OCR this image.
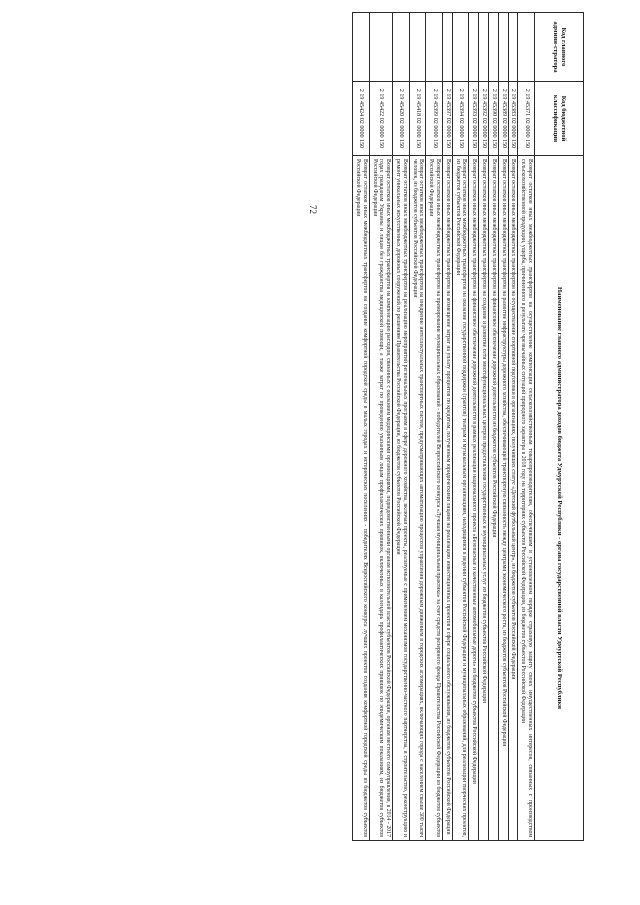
72
Код главного админи-стратора	Код бюджетной классификации	Наименование главного администратора доходов бюджета Удмуртской Республики - органа государственной власти Удмуртской Республики
	2 19 45371 02 0000 150	Возврат остатков иных межбюджетных трансфертов на осуществление компенсации сельскохозяйственным товаропроизводителям, обеспечившим в установленном порядке страховую защиту своих имущественных интересов, связанных с производством сельскохозяйственной продукции, ущерба, причиненного в результате чрезвычайных ситуаций природного характера в 2018 году на территориях субъектов Российской Федерации, из бюджетов субъектов Российской Федерации
	2 19 45383 02 0000 150	Возврат остатков иных межбюджетных трансфертов на осуществление спортивной подготовки в организациях, получивших статус «Детский футбольный центр», из бюджетов субъектов Российской Федерации
	2 19 45389 02 0000 150	Возврат остатков иных межбюджетных трансфертов на развитие инфраструктуры дорожного хозяйства, обеспечивающей транспортную связанность между центрами экономического роста, из бюджетов субъектов Российской Федерации
	2 19 45390 02 0000 150	Возврат остатков иных межбюджетных трансфертов на финансовое обеспечение дорожной деятельности из бюджетов субъектов Российской Федерации
	2 19 45392 02 0000 150	Возврат остатков иных межбюджетных трансфертов на создание и развитие сети многофункциональных центров предоставления государственных и муниципальных услуг из бюджетов субъектов Российской Федерации
	2 19 45393 02 0000 150	Возврат остатков иных межбюджетных трансфертов на финансовое обеспечение дорожной деятельности в рамках реализации национального проекта «Безопасные и качественные автомобильные дороги» из бюджетов субъектов Российской Федерации
	2 19 45394 02 0000 150	Возврат остатков иных межбюджетных трансфертов на оказание государственной поддержки (грантов) театрам и музыкальным организациям, находящимся в ведении субъектов Российской Федерации и муниципальных образований, для реализации творческих проектов, из бюджетов субъектов Российской Федерации
	2 19 45397 02 0000 150	Возврат остатков иных межбюджетных трансфертов на возмещение затрат на уплату процентов по кредитам, полученным юридическими лицами на реализацию инвестиционных проектов в сфере социального обслуживания, из бюджетов субъектов Российской Федерации
	2 19 45399 02 0000 150	Возврат остатков иных межбюджетных трансфертов на премирование муниципальных образований - победителей Всероссийского конкурса «Лучшая муниципальная практика» за счет средств резервного фонда Правительства Российской Федерации из бюджетов субъектов Российской Федерации
	2 19 45418 02 0000 150	Возврат остатков иных межбюджетных трансфертов на внедрение интеллектуальных транспортных систем, предусматривающих автоматизацию процессов управления дорожным движением в городских агломерациях, включающих города с населением свыше 300 тысяч человек, из бюджетов субъектов Российской Федерации
	2 19 45420 02 0000 150	Возврат остатков иных межбюджетных трансфертов на реализацию мероприятий региональных программ в сфере дорожного хозяйства, включая проекты, реализуемые с применением механизмов государственно-частного партнерства, и строительство, реконструкцию и ремонт уникальных искусственных дорожных сооружений по решениям Правительства Российской Федерации, из бюджетов субъектов Российской Федерации
	2 19 45422 02 0000 150	Возврат остатков иных межбюджетных трансфертов на компенсацию расходов, связанных с оказанием медицинскими организациями, подведомственными органам исполнительной власти субъектов Российской Федерации, органам местного самоуправления, в 2014 - 2017 годах гражданам Украины и лицам без гражданства медицинской помощи, а также затрат по проведению указанным лицам профилактических прививок, включенных в календарь профилактических прививок по эпидемическим показаниям, из бюджетов субъектов Российской Федерации
	2 19 45424 02 0000 150	Возврат остатков иных межбюджетных трансфертов на создание комфортной городской среды в малых городах и исторических поселениях - победителях Всероссийского конкурса лучших проектов создания комфортной городской среды из бюджетов субъектов Российской Федерации
